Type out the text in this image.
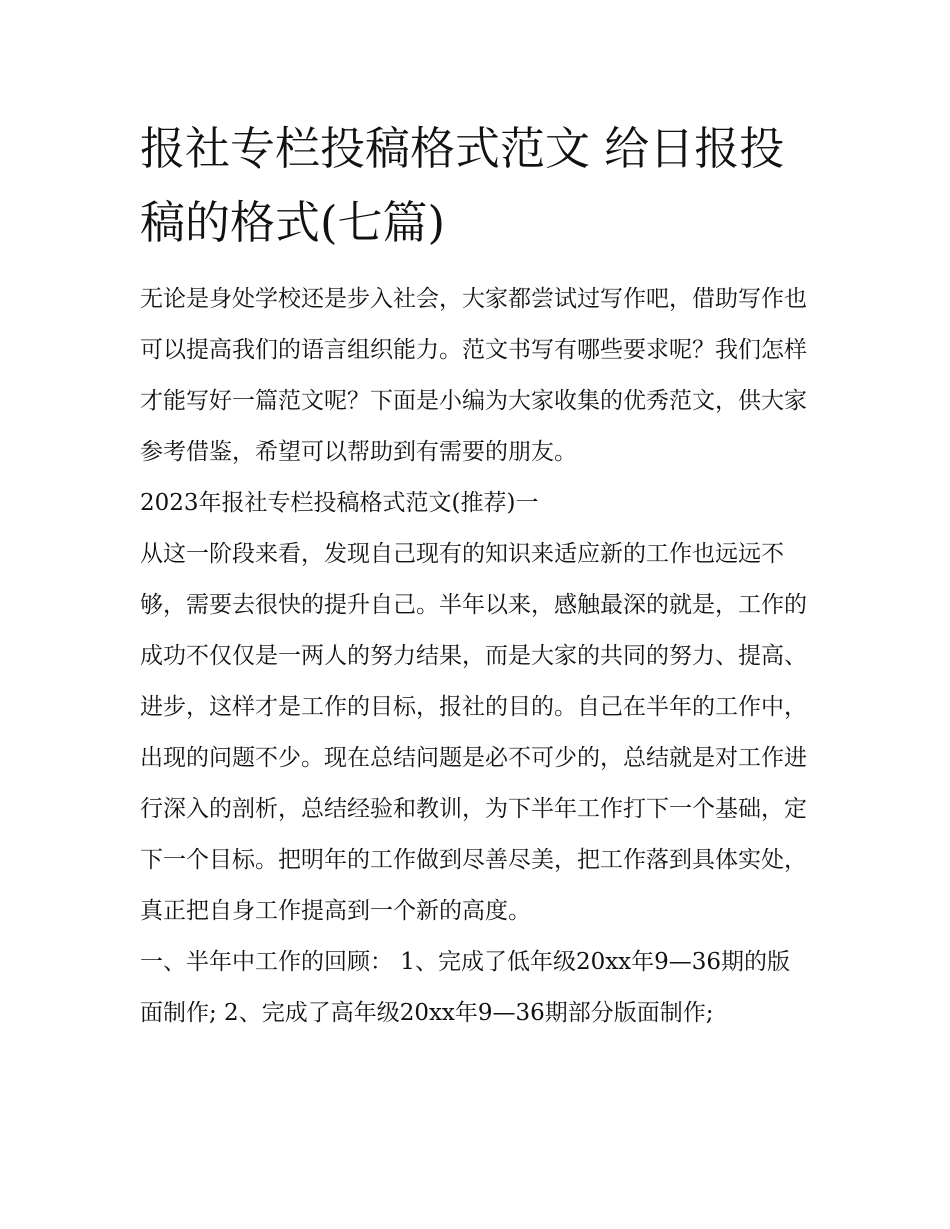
报社专栏投稿格式范文 给日报投稿的格式(七篇)

无论是身处学校还是步入社会，大家都尝试过写作吧，借助写作也可以提高我们的语言组织能力。范文书写有哪些要求呢？我们怎样才能写好一篇范文呢？下面是小编为大家收集的优秀范文，供大家参考借鉴，希望可以帮助到有需要的朋友。

2023年报社专栏投稿格式范文(推荐)一

从这一阶段来看，发现自己现有的知识来适应新的工作也远远不够，需要去很快的提升自己。半年以来，感触最深的就是，工作的成功不仅仅是一两人的努力结果，而是大家的共同的努力、提高、进步，这样才是工作的目标，报社的目的。自己在半年的工作中，出现的问题不少。现在总结问题是必不可少的，总结就是对工作进行深入的剖析，总结经验和教训，为下半年工作打下一个基础，定下一个目标。把明年的工作做到尽善尽美，把工作落到具体实处，真正把自身工作提高到一个新的高度。

一、半年中工作的回顾： 1、完成了低年级20xx年9—36期的版面制作; 2、完成了高年级20xx年9—36期部分版面制作;
